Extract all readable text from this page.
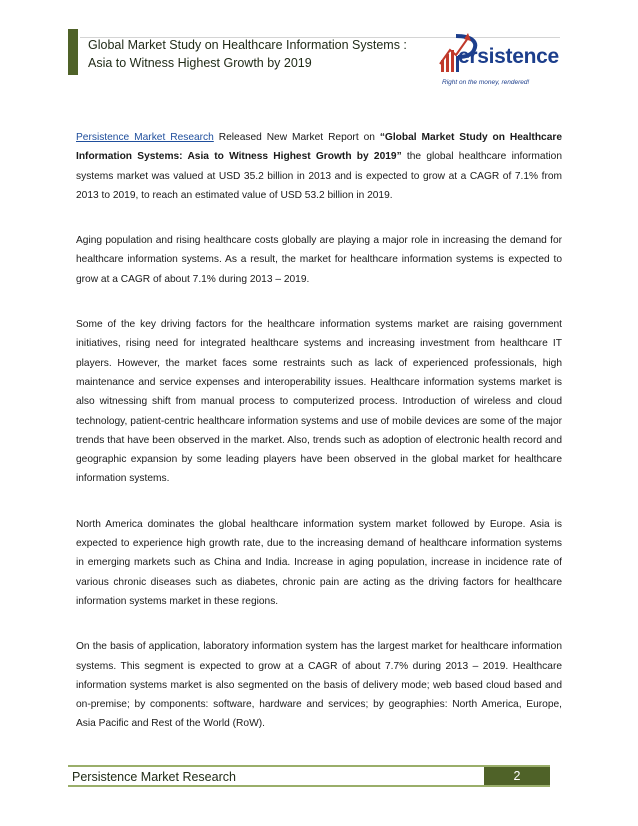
Global Market Study on Healthcare Information Systems :
Asia to Witness Highest Growth by 2019	ersistence
Right on the money, rendered!

Persistence Market Research Released New Market Report on “Global Market Study on Healthcare Information Systems: Asia to Witness Highest Growth by 2019” the global healthcare information systems market was valued at USD 35.2 billion in 2013 and is expected to grow at a CAGR of 7.1% from 2013 to 2019, to reach an estimated value of USD 53.2 billion in 2019.

Aging population and rising healthcare costs globally are playing a major role in increasing the demand for healthcare information systems. As a result, the market for healthcare information systems is expected to grow at a CAGR of about 7.1% during 2013 – 2019.

Some of the key driving factors for the healthcare information systems market are raising government initiatives, rising need for integrated healthcare systems and increasing investment from healthcare IT players. However, the market faces some restraints such as lack of experienced professionals, high maintenance and service expenses and interoperability issues. Healthcare information systems market is also witnessing shift from manual process to computerized process. Introduction of wireless and cloud technology, patient-centric healthcare information systems and use of mobile devices are some of the major trends that have been observed in the market. Also, trends such as adoption of electronic health record and geographic expansion by some leading players have been observed in the global market for healthcare information systems.

North America dominates the global healthcare information system market followed by Europe. Asia is expected to experience high growth rate, due to the increasing demand of healthcare information systems in emerging markets such as China and India. Increase in aging population, increase in incidence rate of various chronic diseases such as diabetes, chronic pain are acting as the driving factors for healthcare information systems market in these regions.

On the basis of application, laboratory information system has the largest market for healthcare information systems. This segment is expected to grow at a CAGR of about 7.7% during 2013 – 2019. Healthcare information systems market is also segmented on the basis of delivery mode; web based cloud based and on-premise; by components: software, hardware and services; by geographies: North America, Europe, Asia Pacific and Rest of the World (RoW).

Persistence Market Research	2
